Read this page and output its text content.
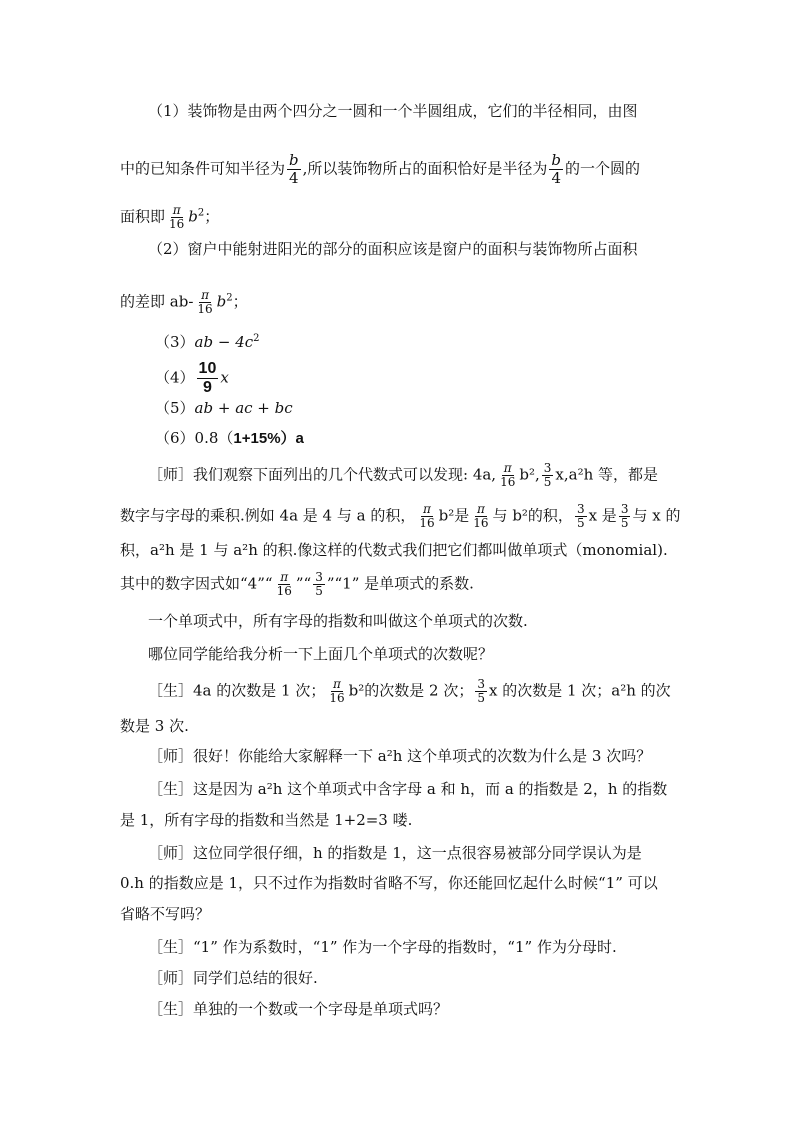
（1）装饰物是由两个四分之一圆和一个半圆组成，它们的半径相同，由图
中的已知条件可知半径为 $\frac{b}{4}$ ,所以装饰物所占的面积恰好是半径为 $\frac{b}{4}$ 的一个圆的
面积即 $\frac{\pi}{16} b^2$；
（2）窗户中能射进阳光的部分的面积应该是窗户的面积与装饰物所占面积
的差即 $ab- \frac{\pi}{16} b^2$；
$(3)ab - 4c^2$
$(4) \frac{10}{9}$ x
（5）ab + ac + bc
（6）0.8（1+15%）a
［师］我们观察下面列出的几个代数式可以发现: 4a, $\frac{\pi}{16} b^2$, $\frac{3}{5} x,a^2h$ 等，都是
数字与字母的乘积.例如 4a 是 4 与 a 的积， $\frac{\pi}{16} b^2$是 $\frac{\pi}{16}$ 与 b²的积， $\frac{3}{5}$ x 是 $\frac{3}{5}$ 与 x 的
积，a²h 是 1 与 a²h 的积.像这样的代数式我们把它们都叫做单项式（monomial).
其中的数字因式如“4”“ $\frac{\pi}{16}$ ”“ $\frac{3}{5}$ ”“1” 是单项式的系数.
一个单项式中，所有字母的指数和叫做这个单项式的次数.
哪位同学能给我分析一下上面几个单项式的次数呢？
［生］4a 的次数是 1 次； $\frac{\pi}{16} b^2$的次数是 2 次； $\frac{3}{5}$ x 的次数是 1 次；a²h 的次
数是 3 次.
［师］很好！你能给大家解释一下 a²h 这个单项式的次数为什么是 3 次吗？
［生］这是因为 a²h 这个单项式中含字母 a 和 h，而 a 的指数是 2，h 的指数
是 1，所有字母的指数和当然是 1+2=3 喽.
［师］这位同学很仔细，h 的指数是 1，这一点很容易被部分同学误认为是
0.h 的指数应是 1，只不过作为指数时省略不写，你还能回忆起什么时候“1” 可以
省略不写吗？
［生］“1” 作为系数时，“1” 作为一个字母的指数时，“1” 作为分母时.
［师］同学们总结的很好.
［生］单独的一个数或一个字母是单项式吗？
